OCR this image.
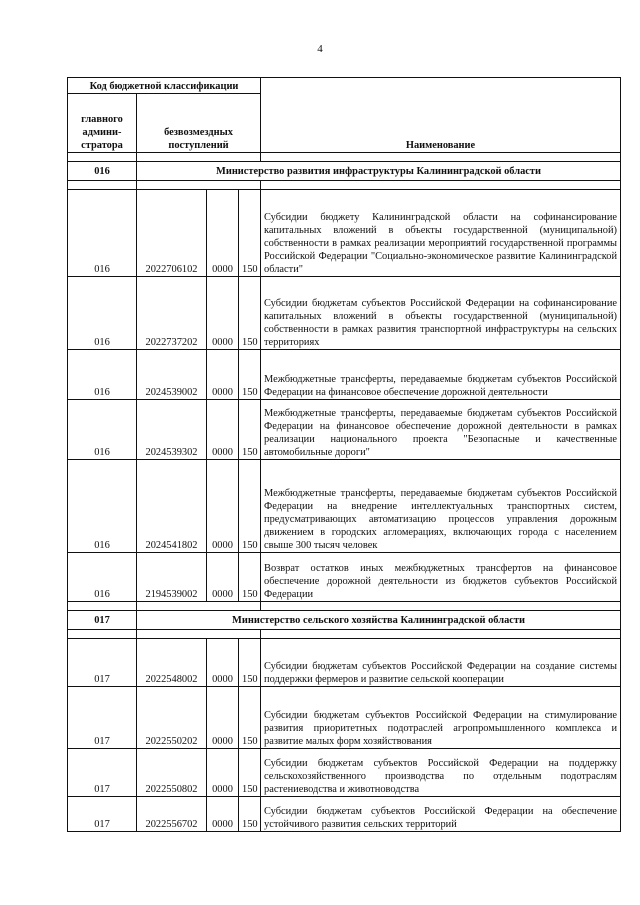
4
Код бюджетной классификации				Наименование
главного админи-стратора	безвозмездных поступлений			

016	Министерство развития инфраструктуры Калининградской области			

016	2022706102	0000	150	Субсидии бюджету Калининградской области на софинансирование капитальных вложений в объекты государственной (муниципальной) собственности в рамках реализации мероприятий государственной программы Российской Федерации "Социально-экономическое развитие Калининградской области"
016	2022737202	0000	150	Субсидии бюджетам субъектов Российской Федерации на софинансирование капитальных вложений в объекты государственной (муниципальной) собственности в рамках развития транспортной инфраструктуры на сельских территориях
016	2024539002	0000	150	Межбюджетные трансферты, передаваемые бюджетам субъектов Российской Федерации на финансовое обеспечение дорожной деятельности
016	2024539302	0000	150	Межбюджетные трансферты, передаваемые бюджетам субъектов Российской Федерации на финансовое обеспечение дорожной деятельности в рамках реализации национального проекта "Безопасные и качественные автомобильные дороги"
016	2024541802	0000	150	Межбюджетные трансферты, передаваемые бюджетам субъектов Российской Федерации на внедрение интеллектуальных транспортных систем, предусматривающих автоматизацию процессов управления дорожным движением в городских агломерациях, включающих города с населением свыше 300 тысяч человек
016	2194539002	0000	150	Возврат остатков иных межбюджетных трансфертов на финансовое обеспечение дорожной деятельности из бюджетов субъектов Российской Федерации

017	Министерство сельского хозяйства Калининградской области			

017	2022548002	0000	150	Субсидии бюджетам субъектов Российской Федерации на создание системы поддержки фермеров и развитие сельской кооперации
017	2022550202	0000	150	Субсидии бюджетам субъектов Российской Федерации на стимулирование развития приоритетных подотраслей агропромышленного комплекса и развитие малых форм хозяйствования
017	2022550802	0000	150	Субсидии бюджетам субъектов Российской Федерации на поддержку сельскохозяйственного производства по отдельным подотраслям растениеводства и животноводства
017	2022556702	0000	150	Субсидии бюджетам субъектов Российской Федерации на обеспечение устойчивого развития сельских территорий
